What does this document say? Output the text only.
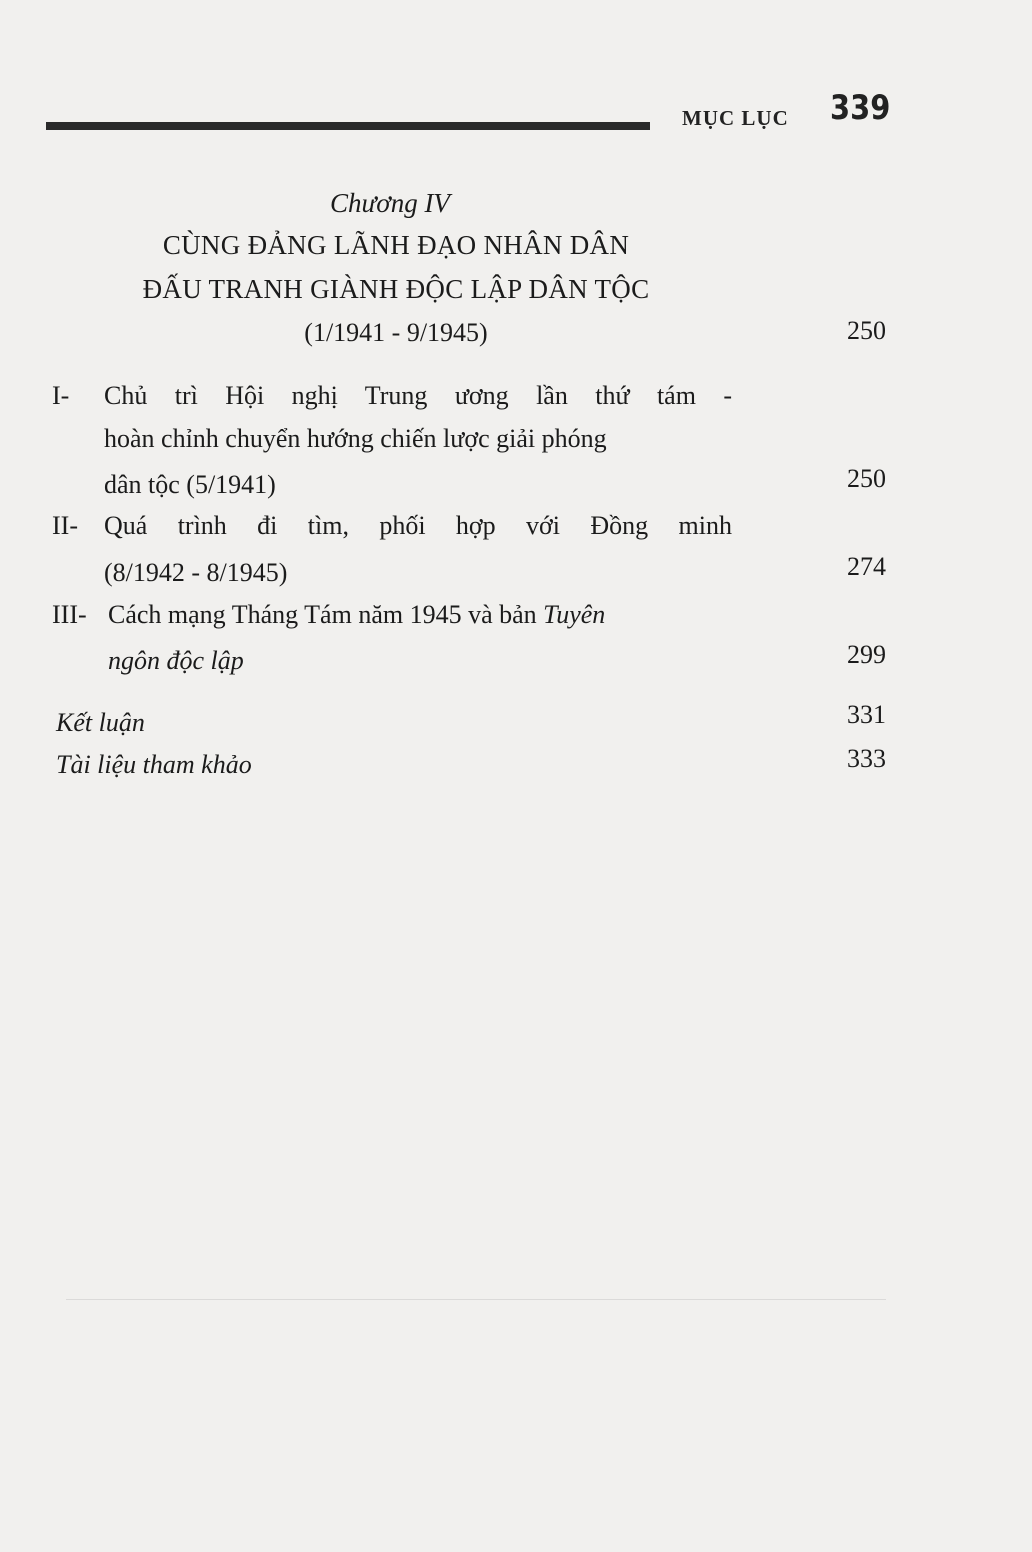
MỤC LỤC 339
Chương IV
CÙNG ĐẢNG LÃNH ĐẠO NHÂN DÂN
ĐẤU TRANH GIÀNH ĐỘC LẬP DÂN TỘC
(1/1941 - 9/1945)	250
I- Chủ trì Hội nghị Trung ương lần thứ tám -
hoàn chỉnh chuyển hướng chiến lược giải phóng
dân tộc (5/1941)	250
II- Quá trình đi tìm, phối hợp với Đồng minh
(8/1942 - 8/1945)	274
III- Cách mạng Tháng Tám năm 1945 và bản Tuyên
ngôn độc lập	299
Kết luận	331
Tài liệu tham khảo	333
